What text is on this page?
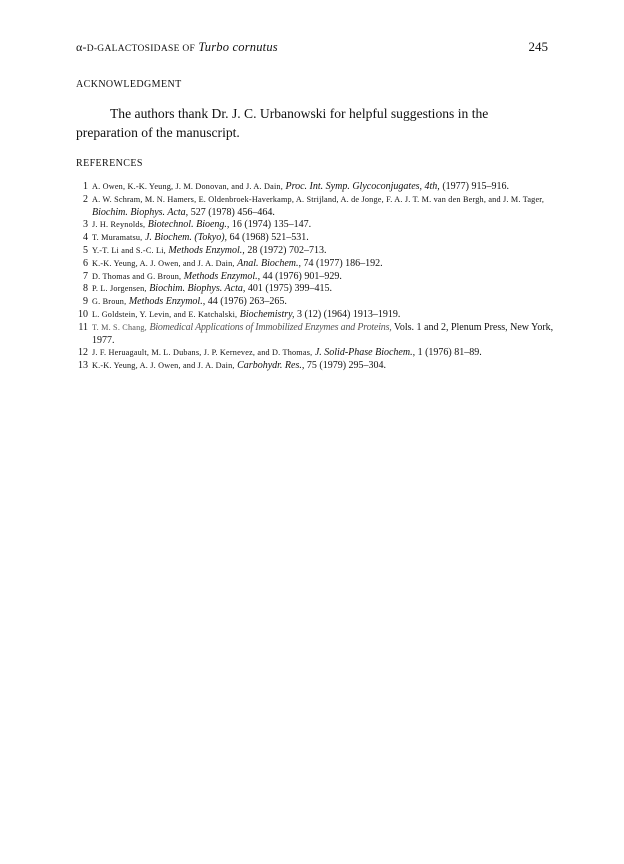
α-D-GALACTOSIDASE OF Turbo cornutus	245
ACKNOWLEDGMENT

The authors thank Dr. J. C. Urbanowski for helpful suggestions in the preparation of the manuscript.

REFERENCES
1 A. Owen, K.-K. Yeung, J. M. Donovan, and J. A. Dain, Proc. Int. Symp. Glycoconjugates, 4th, (1977) 915–916.
2 A. W. Schram, M. N. Hamers, E. Oldenbroek-Haverkamp, A. Strijland, A. de Jonge, F. A. J. T. M. van den Bergh, and J. M. Tager, Biochim. Biophys. Acta, 527 (1978) 456–464.
3 J. H. Reynolds, Biotechnol. Bioeng., 16 (1974) 135–147.
4 T. Muramatsu, J. Biochem. (Tokyo), 64 (1968) 521–531.
5 Y.-T. Li and S.-C. Li, Methods Enzymol., 28 (1972) 702–713.
6 K.-K. Yeung, A. J. Owen, and J. A. Dain, Anal. Biochem., 74 (1977) 186–192.
7 D. Thomas and G. Broun, Methods Enzymol., 44 (1976) 901–929.
8 P. L. Jorgensen, Biochim. Biophys. Acta, 401 (1975) 399–415.
9 G. Broun, Methods Enzymol., 44 (1976) 263–265.
10 L. Goldstein, Y. Levin, and E. Katchalski, Biochemistry, 3 (12) (1964) 1913–1919.
11 T. M. S. Chang, Biomedical Applications of Immobilized Enzymes and Proteins, Vols. 1 and 2, Plenum Press, New York, 1977.
12 J. F. Heruagault, M. L. Dubans, J. P. Kernevez, and D. Thomas, J. Solid-Phase Biochem., 1 (1976) 81–89.
13 K.-K. Yeung, A. J. Owen, and J. A. Dain, Carbohydr. Res., 75 (1979) 295–304.
